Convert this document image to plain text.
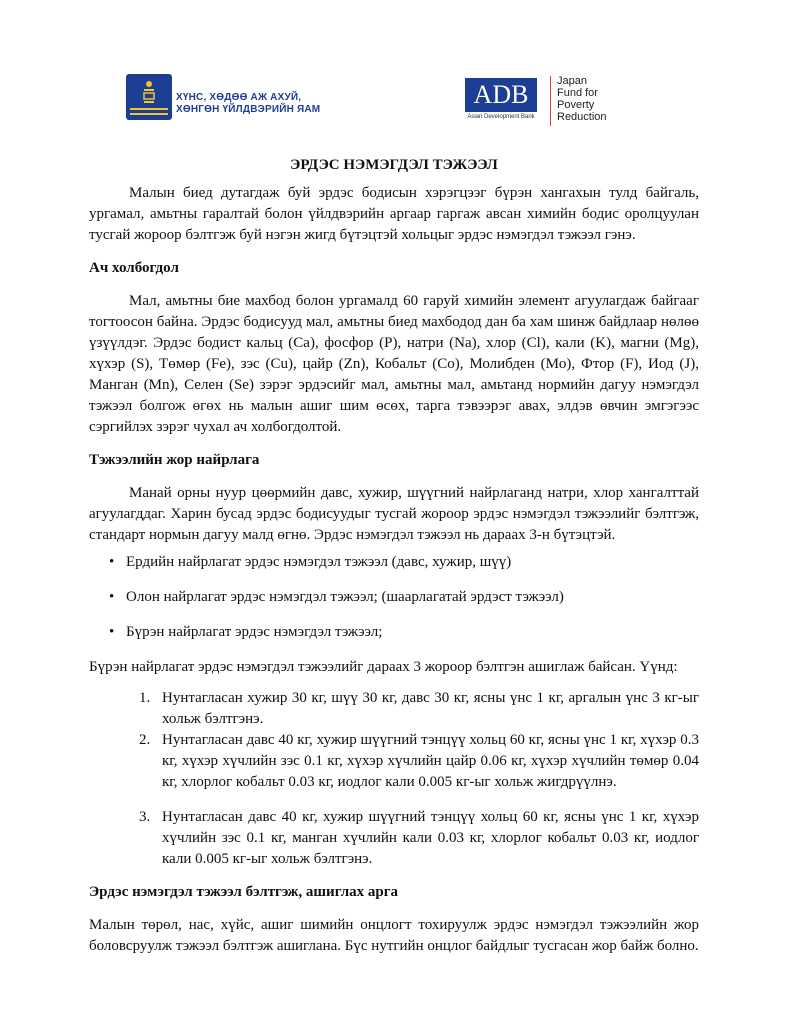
ХҮНС, ХӨДӨӨ АЖ АХУЙ,
ХӨНГӨН ҮЙЛДВЭРИЙН ЯАМ
ADB
Asian Development Bank
Japan
Fund for
Poverty
Reduction

ЭРДЭС НЭМЭГДЭЛ ТЭЖЭЭЛ

Малын биед дутагдаж буй эрдэс бодисын хэрэгцээг бүрэн хангахын тулд байгаль, ургамал, амьтны гаралтай болон үйлдвэрийн аргаар гаргаж авсан химийн бодис оролцуулан тусгай жороор бэлтгэж буй нэгэн жигд бүтэцтэй хольцыг эрдэс нэмэгдэл тэжээл гэнэ.

Ач холбогдол

Мал, амьтны бие махбод болон ургамалд 60 гаруй химийн элемент агуулагдаж байгааг тогтоосон байна. Эрдэс бодисууд мал, амьтны биед махбодод дан ба хам шинж байдлаар нөлөө үзүүлдэг. Эрдэс бодист кальц (Ca), фосфор (P), натри (Na), хлор (Cl), кали (K), магни (Mg), хүхэр (S), Төмөр (Fe), зэс (Cu), цайр (Zn), Кобальт (Co), Молибден (Mo), Фтор (F), Иод (J), Манган (Mn), Селен (Se) зэрэг эрдэсийг мал, амьтны мал, амьтанд нормийн дагуу нэмэгдэл тэжээл болгож өгөх нь малын ашиг шим өсөх, тарга тэвээрэг авах, элдэв өвчин эмгэгээс сэргийлэх зэрэг чухал ач холбогдолтой.

Тэжээлийн жор найрлага

Манай орны нуур цөөрмийн давс, хужир, шүүгний найрлаганд натри, хлор хангалттай агуулагддаг. Харин бусад эрдэс бодисуудыг тусгай жороор эрдэс нэмэгдэл тэжээлийг бэлтгэж, стандарт нормын дагуу малд өгнө. Эрдэс нэмэгдэл тэжээл нь дараах 3-н бүтэцтэй.

• Ердийн найрлагат эрдэс нэмэгдэл тэжээл (давс, хужир, шүү)
• Олон найрлагат эрдэс нэмэгдэл тэжээл; (шаарлагатай эрдэст тэжээл)
• Бүрэн найрлагат эрдэс нэмэгдэл тэжээл;

Бүрэн найрлагат эрдэс нэмэгдэл тэжээлийг дараах 3 жороор бэлтгэн ашиглаж байсан. Үүнд:

1. Нунтагласан хужир 30 кг, шүү 30 кг, давс 30 кг, ясны үнс 1 кг, аргалын үнс 3 кг-ыг хольж бэлтгэнэ.
2. Нунтагласан давс 40 кг, хужир шүүгний тэнцүү хольц 60 кг, ясны үнс 1 кг, хүхэр 0.3 кг, хүхэр хүчлийн зэс 0.1 кг, хүхэр хүчлийн цайр 0.06 кг, хүхэр хүчлийн төмөр 0.04 кг, хлорлог кобальт 0.03 кг, иодлог кали 0.005 кг-ыг хольж жигдрүүлнэ.
3. Нунтагласан давс 40 кг, хужир шүүгний тэнцүү хольц 60 кг, ясны үнс 1 кг, хүхэр хүчлийн зэс 0.1 кг, манган хүчлийн кали 0.03 кг, хлорлог кобальт 0.03 кг, иодлог кали 0.005 кг-ыг хольж бэлтгэнэ.

Эрдэс нэмэгдэл тэжээл бэлтгэж, ашиглах арга

Малын төрөл, нас, хүйс, ашиг шимийн онцлогт тохируулж эрдэс нэмэгдэл тэжээлийн жор боловсруулж тэжээл бэлтгэж ашиглана. Бүс нутгийн онцлог байдлыг тусгасан жор байж болно.
